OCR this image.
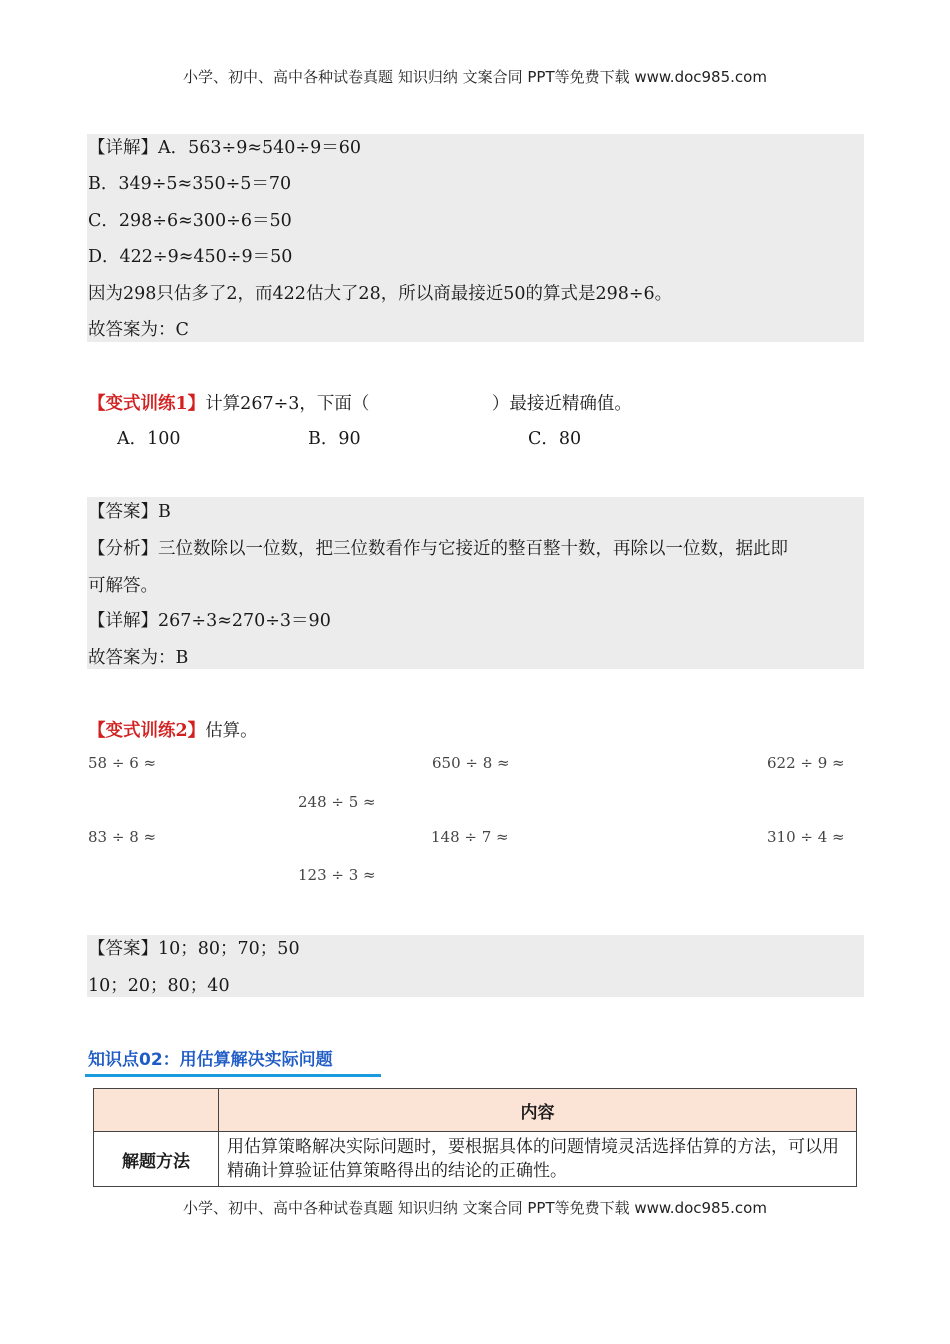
小学、初中、高中各种试卷真题 知识归纳 文案合同 PPT等免费下载 www.doc985.com
【详解】A．563÷9≈540÷9＝60
B．349÷5≈350÷5＝70
C．298÷6≈300÷6＝50
D．422÷9≈450÷9＝50
因为298只估多了2，而422估大了28，所以商最接近50的算式是298÷6。
故答案为：C
【变式训练1】计算267÷3，下面（　　　　　　　）最接近精确值。
A．100	B．90	C．80
【答案】B
【分析】三位数除以一位数，把三位数看作与它接近的整百整十数，再除以一位数，据此即
可解答。
【详解】267÷3≈270÷3＝90
故答案为：B
【变式训练2】估算。
58 ÷ 6 ≈	650 ÷ 8 ≈	622 ÷ 9 ≈
248 ÷ 5 ≈
83 ÷ 8 ≈	148 ÷ 7 ≈	310 ÷ 4 ≈
123 ÷ 3 ≈
【答案】10；80；70；50
10；20；80；40
知识点02：用估算解决实际问题
	内容
解题方法	用估算策略解决实际问题时，要根据具体的问题情境灵活选择估算的方法，可以用精确计算验证估算策略得出的结论的正确性。
小学、初中、高中各种试卷真题 知识归纳 文案合同 PPT等免费下载 www.doc985.com
